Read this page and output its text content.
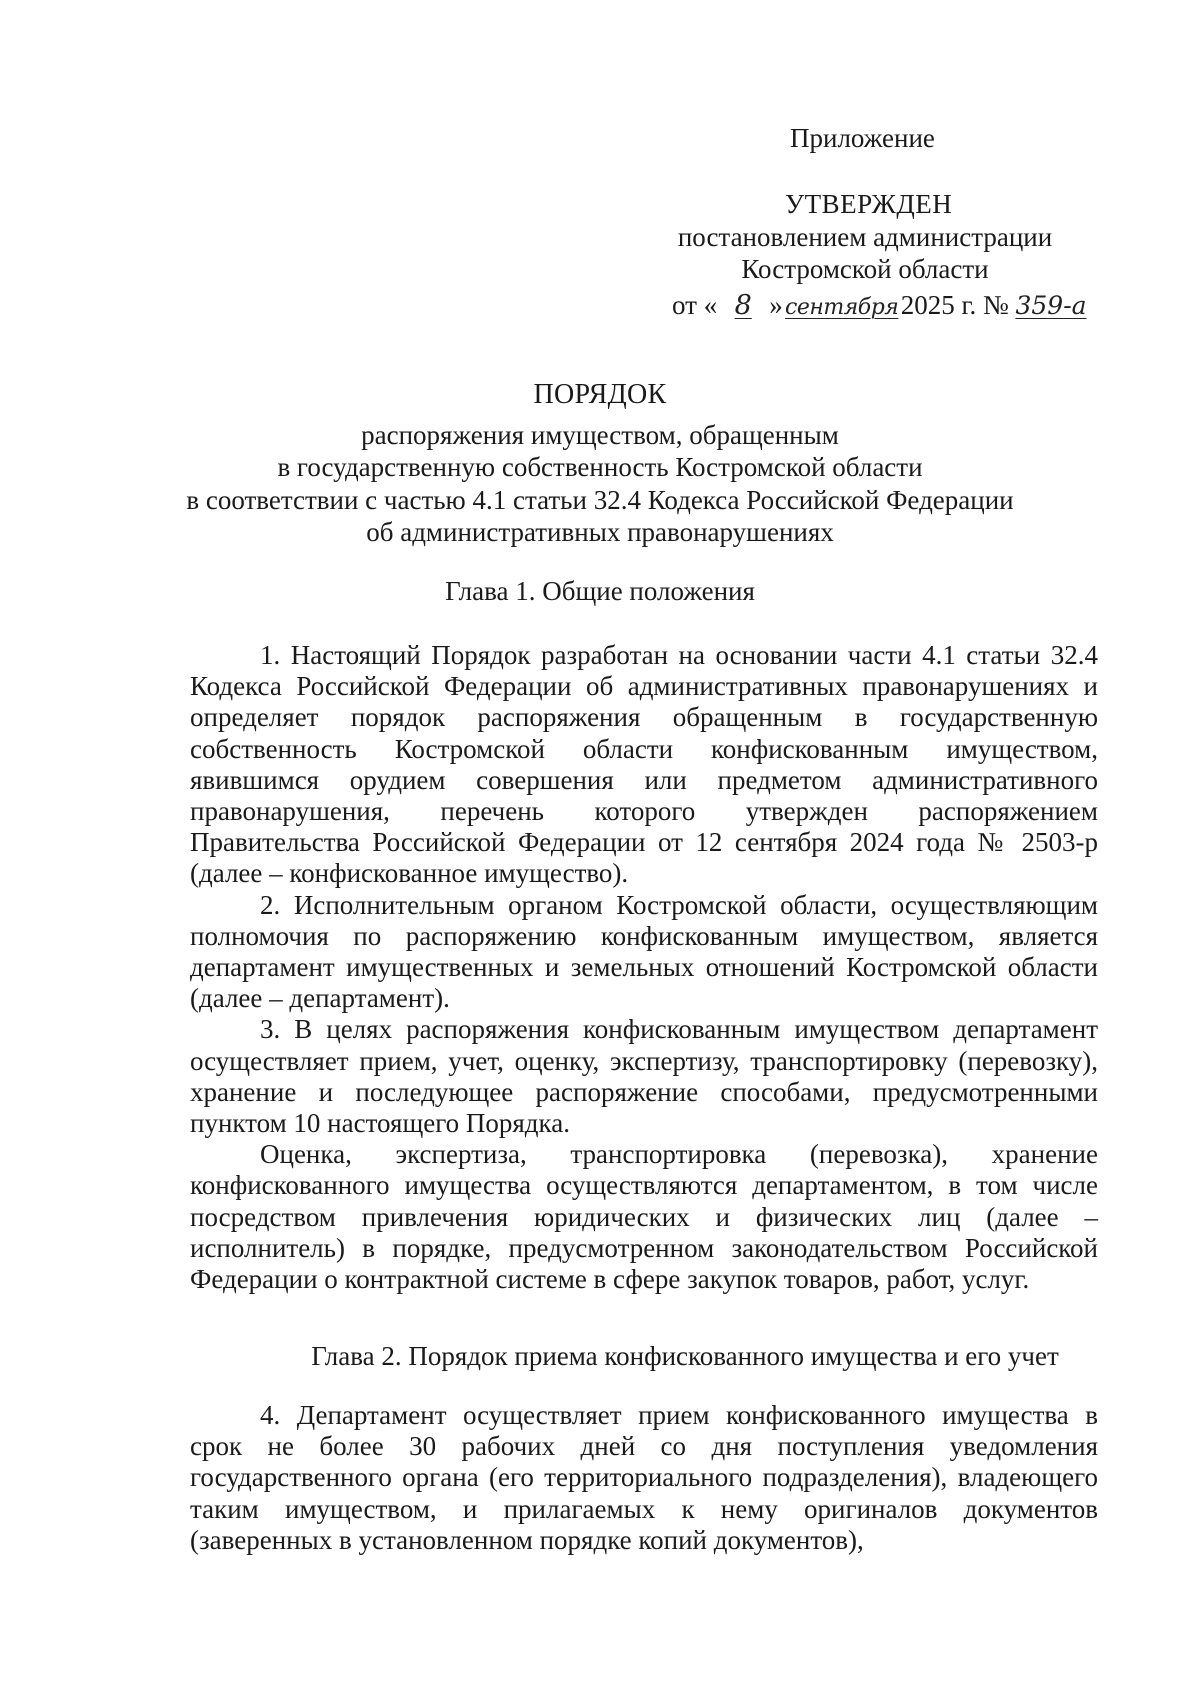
Приложение
УТВЕРЖДЕН
постановлением администрации
Костромской области
от « 8 » сентября2025 г. № 359-а
ПОРЯДОК
распоряжения имуществом, обращенным
в государственную собственность Костромской области
в соответствии с частью 4.1 статьи 32.4 Кодекса Российской Федерации
об административных правонарушениях
Глава 1. Общие положения

1. Настоящий Порядок разработан на основании части 4.1 статьи 32.4 Кодекса Российской Федерации об административных правонарушениях и определяет порядок распоряжения обращенным в государственную собственность Костромской области конфискованным имуществом, явившимся орудием совершения или предметом административного правонарушения, перечень которого утвержден распоряжением Правительства Российской Федерации от 12 сентября 2024 года № 2503-р (далее – конфискованное имущество).

2. Исполнительным органом Костромской области, осуществляющим полномочия по распоряжению конфискованным имуществом, является департамент имущественных и земельных отношений Костромской области (далее – департамент).

3. В целях распоряжения конфискованным имуществом департамент осуществляет прием, учет, оценку, экспертизу, транспортировку (перевозку), хранение и последующее распоряжение способами, предусмотренными пунктом 10 настоящего Порядка.

Оценка, экспертиза, транспортировка (перевозка), хранение конфискованного имущества осуществляются департаментом, в том числе посредством привлечения юридических и физических лиц (далее – исполнитель) в порядке, предусмотренном законодательством Российской Федерации о контрактной системе в сфере закупок товаров, работ, услуг.

Глава 2. Порядок приема конфискованного имущества и его учет

4. Департамент осуществляет прием конфискованного имущества в срок не более 30 рабочих дней со дня поступления уведомления государственного органа (его территориального подразделения), владеющего таким имуществом, и прилагаемых к нему оригиналов документов (заверенных в установленном порядке копий документов),
